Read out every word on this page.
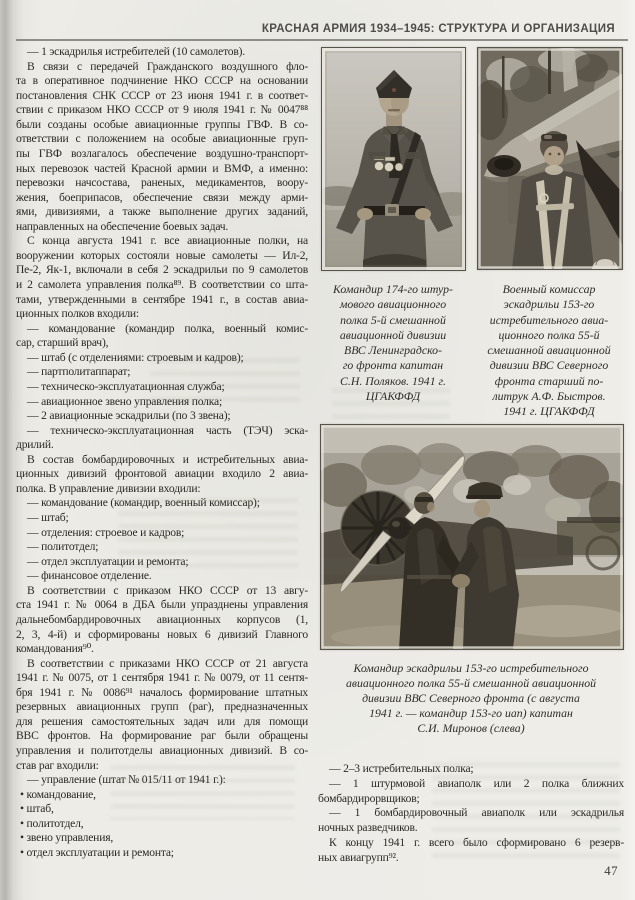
КРАСНАЯ АРМИЯ 1934–1945: СТРУКТУРА И ОРГАНИЗАЦИЯ
— 1 эскадрилья истребителей (10 самолетов).
В связи с передачей Гражданского воздушного фло-
та в оперативное подчинение НКО СССР на основании
постановления СНК СССР от 23 июня 1941 г. в соответ-
ствии с приказом НКО СССР от 9 июля 1941 г. № 0047⁸⁸
были созданы особые авиационные группы ГВФ. В со-
ответствии с положением на особые авиационные груп-
пы ГВФ возлагалось обеспечение воздушно-транспорт-
ных перевозок частей Красной армии и ВМФ, а именно:
перевозки начсостава, раненых, медикаментов, воору-
жения, боеприпасов, обеспечение связи между арми-
ями, дивизиями, а также выполнение других заданий,
направленных на обеспечение боевых задач.
С конца августа 1941 г. все авиационные полки, на
вооружении которых состояли новые самолеты — Ил-2,
Пе-2, Як-1, включали в себя 2 эскадрильи по 9 самолетов
и 2 самолета управления полка⁸⁹. В соответствии со шта-
тами, утвержденными в сентябре 1941 г., в состав авиа-
ционных полков входили:
— командование (командир полка, военный комис-
сар, старший врач),
— штаб (с отделениями: строевым и кадров);
— партполитаппарат;
— техническо-эксплуатационная служба;
— авиационное звено управления полка;
— 2 авиационные эскадрильи (по 3 звена);
— техническо-эксплуатационная часть (ТЭЧ) эска-
дрилий.
В состав бомбардировочных и истребительных авиа-
ционных дивизий фронтовой авиации входило 2 авиа-
полка. В управление дивизии входили:
— командование (командир, военный комиссар);
— штаб;
— отделения: строевое и кадров;
— политотдел;
— отдел эксплуатации и ремонта;
— финансовое отделение.
В соответствии с приказом НКО СССР от 13 авгу-
ста 1941 г. № 0064 в ДБА были упразднены управления
дальнебомбардировочных авиационных корпусов (1,
2, 3, 4-й) и сформированы новых 6 дивизий Главного
командования⁹⁰.
В соответствии с приказами НКО СССР от 21 августа
1941 г. № 0075, от 1 сентября 1941 г. № 0079, от 11 сентя-
бря 1941 г. № 0086⁹¹ началось формирование штатных
резервных авиационных групп (раг), предназначенных
для решения самостоятельных задач или для помощи
ВВС фронтов. На формирование раг были обращены
управления и политотделы авиационных дивизий. В со-
став раг входили:
— управление (штат № 015/11 от 1941 г.):
• командование,
• штаб,
• политотдел,
• звено управления,
• отдел эксплуатации и ремонта;
Командир 174-го штур-
мового авиационного
полка 5-й смешанной
авиационной дивизии
ВВС Ленинградско-
го фронта капитан
С.Н. Поляков. 1941 г.
ЦГАКФФД
Военный комиссар
эскадрильи 153-го
истребительного авиа-
ционного полка 55-й
смешанной авиационной
дивизии ВВС Северного
фронта старший по-
литрук А.Ф. Быстров.
1941 г. ЦГАКФФД
Командир эскадрильи 153-го истребительного
авиационного полка 55-й смешанной авиационной
дивизии ВВС Северного фронта (с августа
1941 г. — командир 153-го иап) капитан
С.И. Миронов (слева)
— 2–3 истребительных полка;
— 1 штурмовой авиаполк или 2 полка ближних
бомбардирорвщиков;
— 1 бомбардировочный авиаполк или эскадрилья
ночных разведчиков.
К концу 1941 г. всего было сформировано 6 резерв-
ных авиагрупп⁹².
47
